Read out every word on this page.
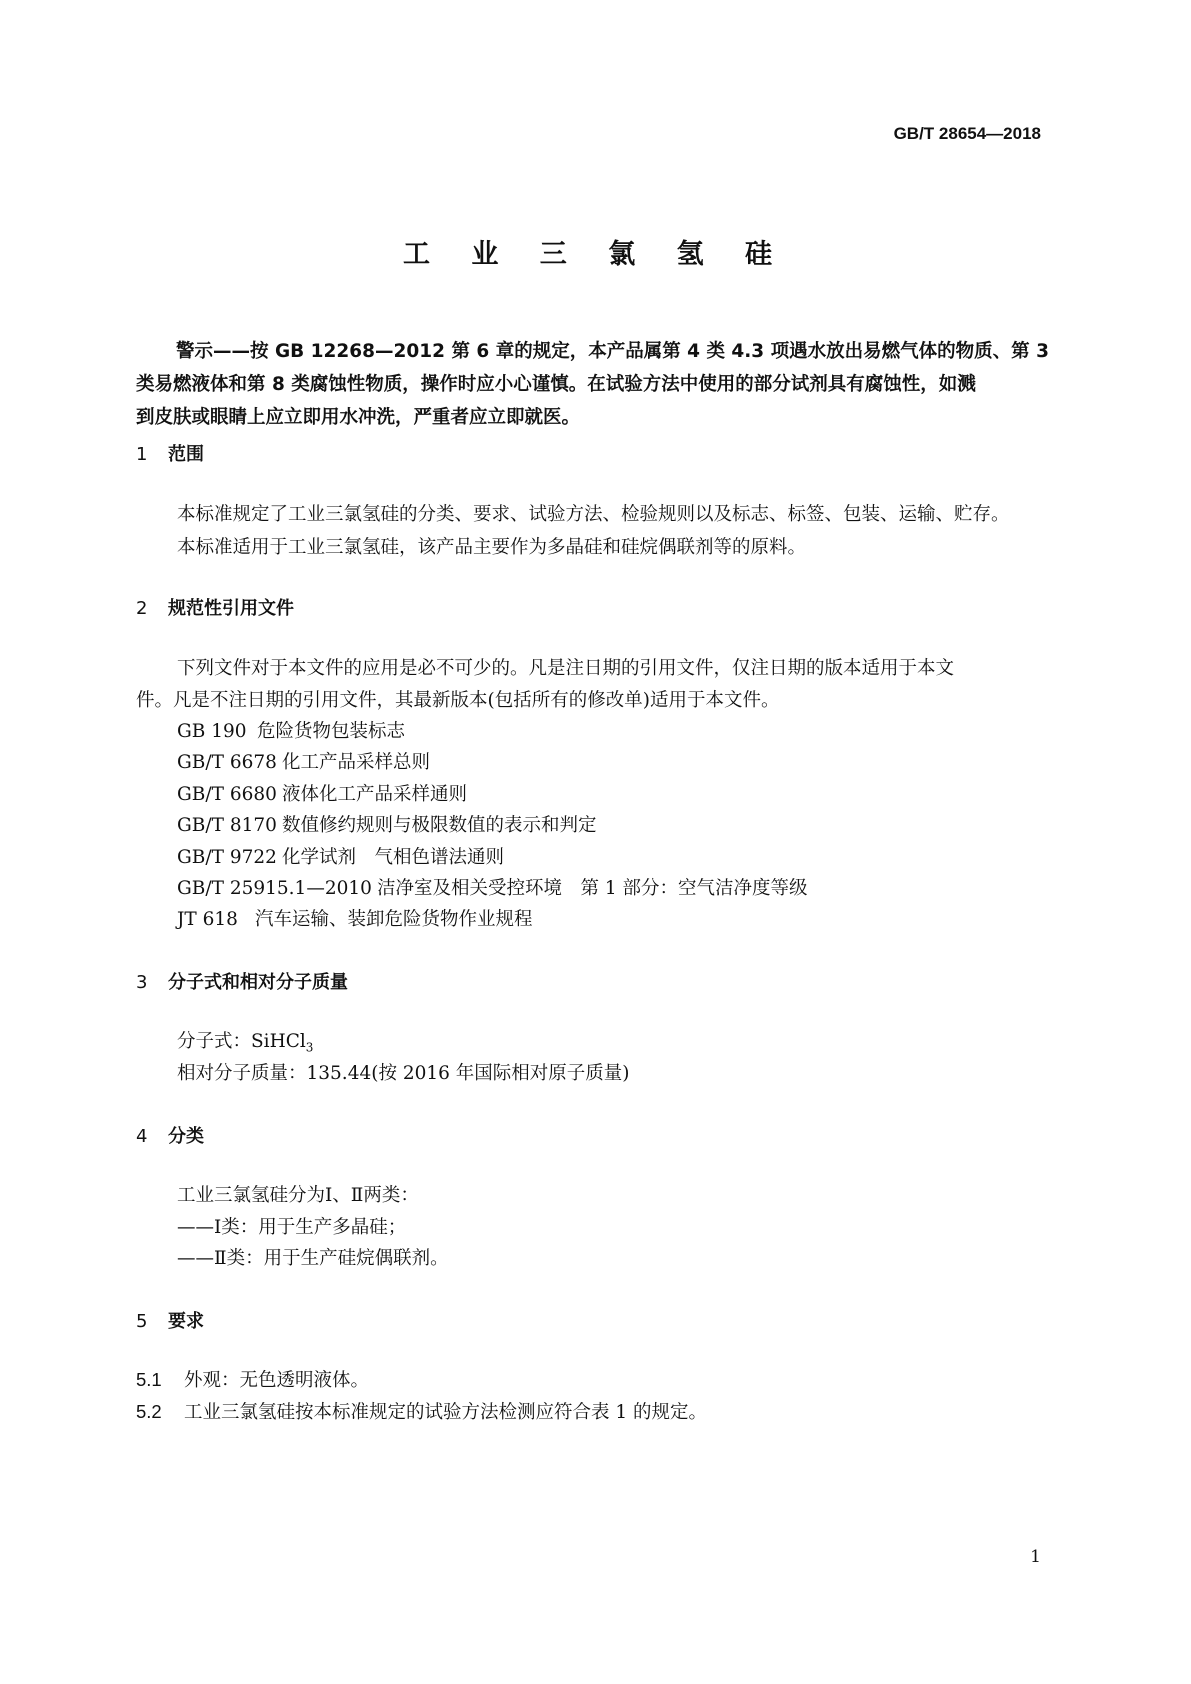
GB/T 28654—2018
工 业 三 氯 氢 硅
警示——按 GB 12268—2012 第 6 章的规定，本产品属第 4 类 4.3 项遇水放出易燃气体的物质、第 3
类易燃液体和第 8 类腐蚀性物质，操作时应小心谨慎。在试验方法中使用的部分试剂具有腐蚀性，如溅
到皮肤或眼睛上应立即用水冲洗，严重者应立即就医。
1 范围
本标准规定了工业三氯氢硅的分类、要求、试验方法、检验规则以及标志、标签、包装、运输、贮存。
本标准适用于工业三氯氢硅，该产品主要作为多晶硅和硅烷偶联剂等的原料。
2 规范性引用文件
下列文件对于本文件的应用是必不可少的。凡是注日期的引用文件，仅注日期的版本适用于本文
件。凡是不注日期的引用文件，其最新版本(包括所有的修改单)适用于本文件。
GB 190 危险货物包装标志
GB/T 6678 化工产品采样总则
GB/T 6680 液体化工产品采样通则
GB/T 8170 数值修约规则与极限数值的表示和判定
GB/T 9722 化学试剂　气相色谱法通则
GB/T 25915.1—2010 洁净室及相关受控环境　第 1 部分：空气洁净度等级
JT 618 汽车运输、装卸危险货物作业规程
3 分子式和相对分子质量
分子式：SiHCl$_3$
相对分子质量：135.44(按 2016 年国际相对原子质量)
4 分类
工业三氯氢硅分为Ⅰ、Ⅱ两类：
——Ⅰ类：用于生产多晶硅；
——Ⅱ类：用于生产硅烷偶联剂。
5 要求
5.1 外观：无色透明液体。
5.2 工业三氯氢硅按本标准规定的试验方法检测应符合表 1 的规定。
1
